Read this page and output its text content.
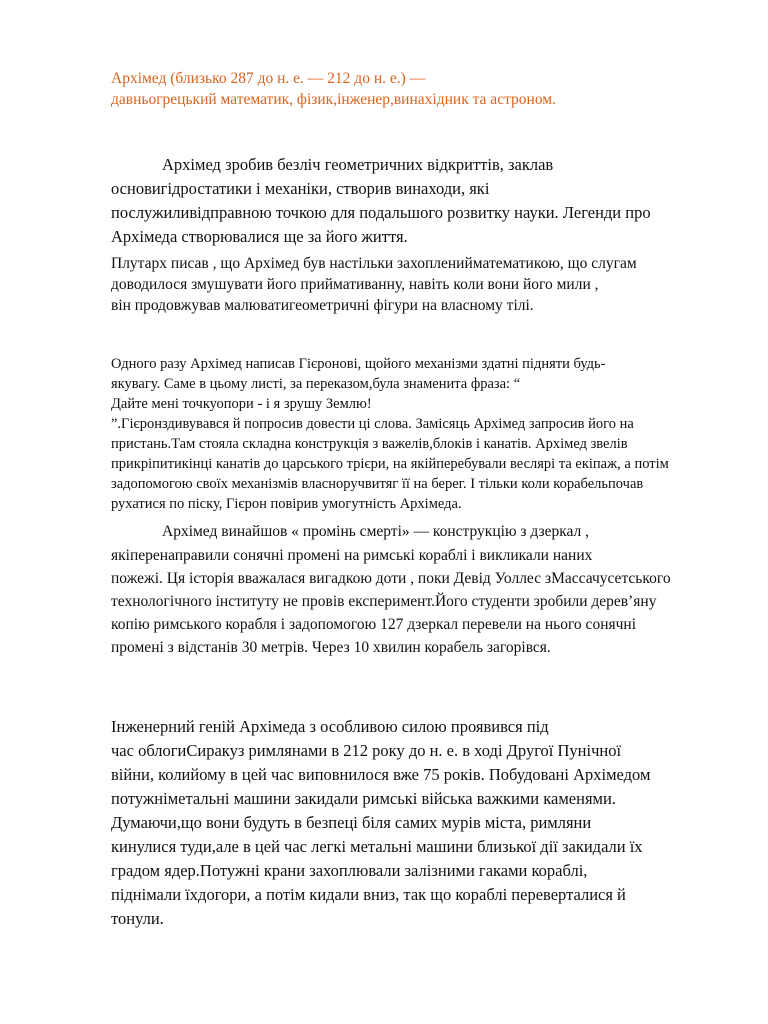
Архімед (близько 287 до н. е. — 212 до н. е.) —
давньогрецький математик, фізик,інженер,винахідник та астроном.
Архімед зробив безліч геометричних відкриттів, заклав
основигідростатики і механіки, створив винаходи, які
послужиливідправною точкою для подальшого розвитку науки. Легенди про
Архімеда створювалися ще за його життя.
Плутарх писав , що Архімед був настільки захопленийматематикою, що слугам
доводилося змушувати його приймативанну, навіть коли вони його мили ,
він продовжував малюватигеометричні фігури на власному тілі.
Одного разу Архімед написав Гієронові, щойого механізми здатні підняти будь-
якувагу. Саме в цьому листі, за переказом,була знаменита фраза: “
Дайте мені точкуопори - і я зрушу Землю!
”.Гієронздивувався й попросив довести ці слова. Замісяць Архімед запросив його на
пристань.Там стояла складна конструкція з важелів,блоків і канатів. Архімед звелів
прикріпитикінці канатів до царського трієри, на якійперебували веслярі та екіпаж, а потім
задопомогою своїх механізмів власноручвитяг її на берег. І тільки коли корабельпочав
рухатися по піску, Гієрон повірив умогутність Архімеда.
Архімед винайшов « промінь смерті» — конструкцію з дзеркал ,
якіперенаправили сонячні промені на римські кораблі і викликали наних
пожежі. Ця історія вважалася вигадкою доти , поки Девід Уоллес зМассачусетського
технологічного інституту не провів експеримент.Його студенти зробили дерев’яну
копію римського корабля і задопомогою 127 дзеркал перевели на нього сонячні
промені з відстанів 30 метрів. Через 10 хвилин корабель загорівся.
Інженерний геній Архімеда з особливою силою проявився під
час облогиСиракуз римлянами в 212 року до н. е. в ході Другої Пунічної
війни, колийому в цей час виповнилося вже 75 років. Побудовані Архімедом
потужніметальні машини закидали римські війська важкими каменями.
Думаючи,що вони будуть в безпеці біля самих мурів міста, римляни
кинулися туди,але в цей час легкі метальні машини близької дії закидали їх
градом ядер.Потужні крани захоплювали залізними гаками кораблі,
піднімали їхдогори, а потім кидали вниз, так що кораблі переверталися й
тонули.
